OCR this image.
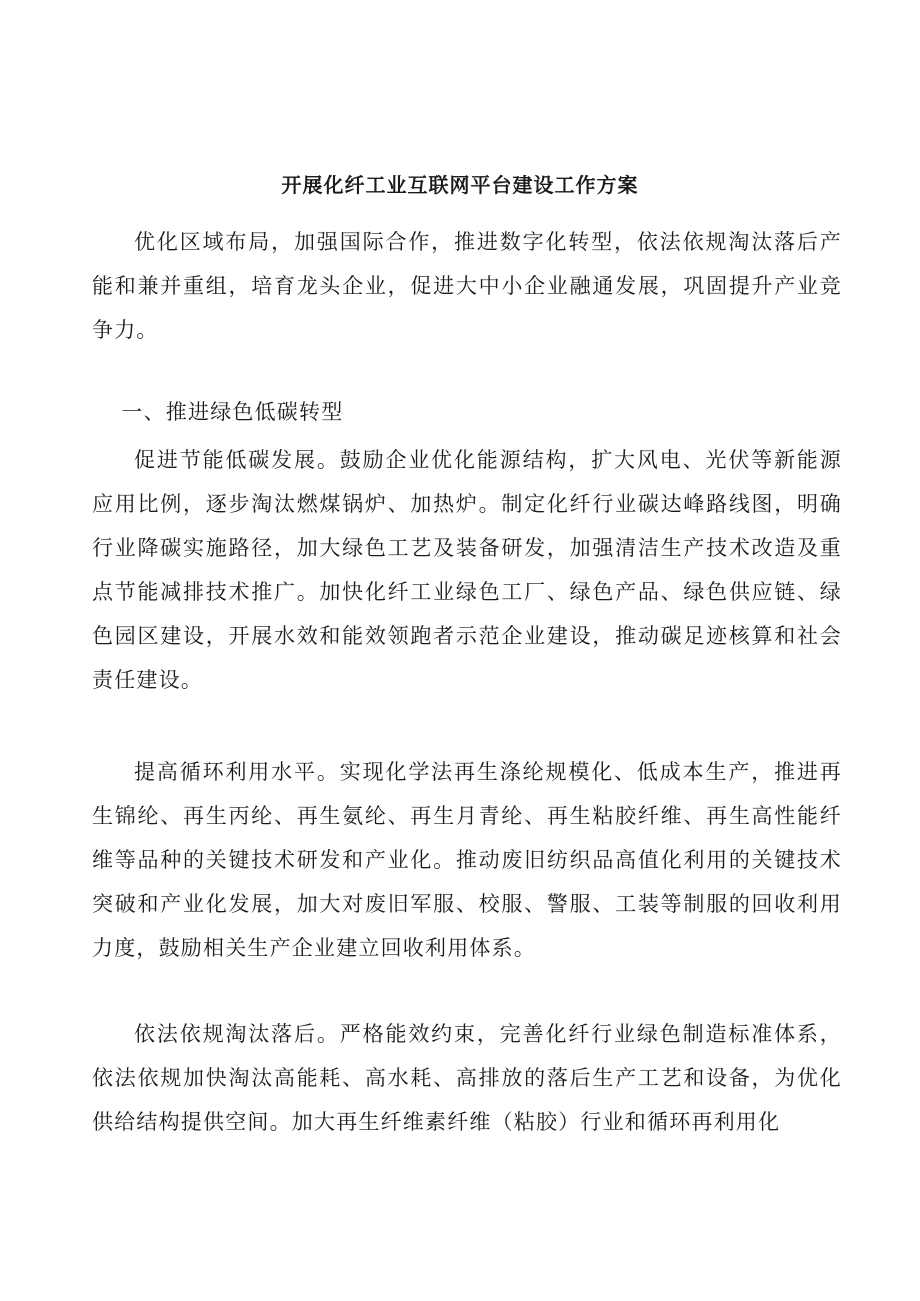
开展化纤工业互联网平台建设工作方案

优化区域布局，加强国际合作，推进数字化转型，依法依规淘汰落后产能和兼并重组，培育龙头企业，促进大中小企业融通发展，巩固提升产业竞争力。

一、推进绿色低碳转型

促进节能低碳发展。鼓励企业优化能源结构，扩大风电、光伏等新能源应用比例，逐步淘汰燃煤锅炉、加热炉。制定化纤行业碳达峰路线图，明确行业降碳实施路径，加大绿色工艺及装备研发，加强清洁生产技术改造及重点节能减排技术推广。加快化纤工业绿色工厂、绿色产品、绿色供应链、绿色园区建设，开展水效和能效领跑者示范企业建设，推动碳足迹核算和社会责任建设。

提高循环利用水平。实现化学法再生涤纶规模化、低成本生产，推进再生锦纶、再生丙纶、再生氨纶、再生月青纶、再生粘胶纤维、再生高性能纤维等品种的关键技术研发和产业化。推动废旧纺织品高值化利用的关键技术突破和产业化发展，加大对废旧军服、校服、警服、工装等制服的回收利用力度，鼓励相关生产企业建立回收利用体系。

依法依规淘汰落后。严格能效约束，完善化纤行业绿色制造标准体系，依法依规加快淘汰高能耗、高水耗、高排放的落后生产工艺和设备，为优化供给结构提供空间。加大再生纤维素纤维（粘胶）行业和循环再利用化
